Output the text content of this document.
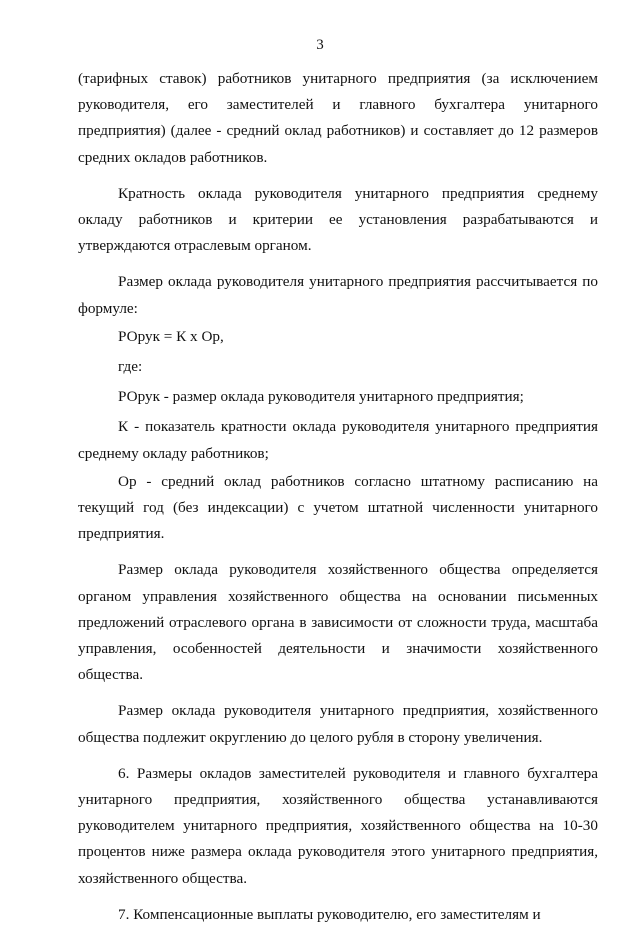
3

(тарифных ставок) работников унитарного предприятия (за исключением руководителя, его заместителей и главного бухгалтера унитарного предприятия) (далее - средний оклад работников) и составляет до 12 размеров средних окладов работников.

Кратность оклада руководителя унитарного предприятия среднему окладу работников и критерии ее установления разрабатываются и утверждаются отраслевым органом.

Размер оклада руководителя унитарного предприятия рассчитывается по формуле:

РОрук = К х Ор,

где:

РОрук - размер оклада руководителя унитарного предприятия;

К - показатель кратности оклада руководителя унитарного предприятия среднему окладу работников;

Ор - средний оклад работников согласно штатному расписанию на текущий год (без индексации) с учетом штатной численности унитарного предприятия.

Размер оклада руководителя хозяйственного общества определяется органом управления хозяйственного общества на основании письменных предложений отраслевого органа в зависимости от сложности труда, масштаба управления, особенностей деятельности и значимости хозяйственного общества.

Размер оклада руководителя унитарного предприятия, хозяйственного общества подлежит округлению до целого рубля в сторону увеличения.

6. Размеры окладов заместителей руководителя и главного бухгалтера унитарного предприятия, хозяйственного общества устанавливаются руководителем унитарного предприятия, хозяйственного общества на 10-30 процентов ниже размера оклада руководителя этого унитарного предприятия, хозяйственного общества.

7. Компенсационные выплаты руководителю, его заместителям и
